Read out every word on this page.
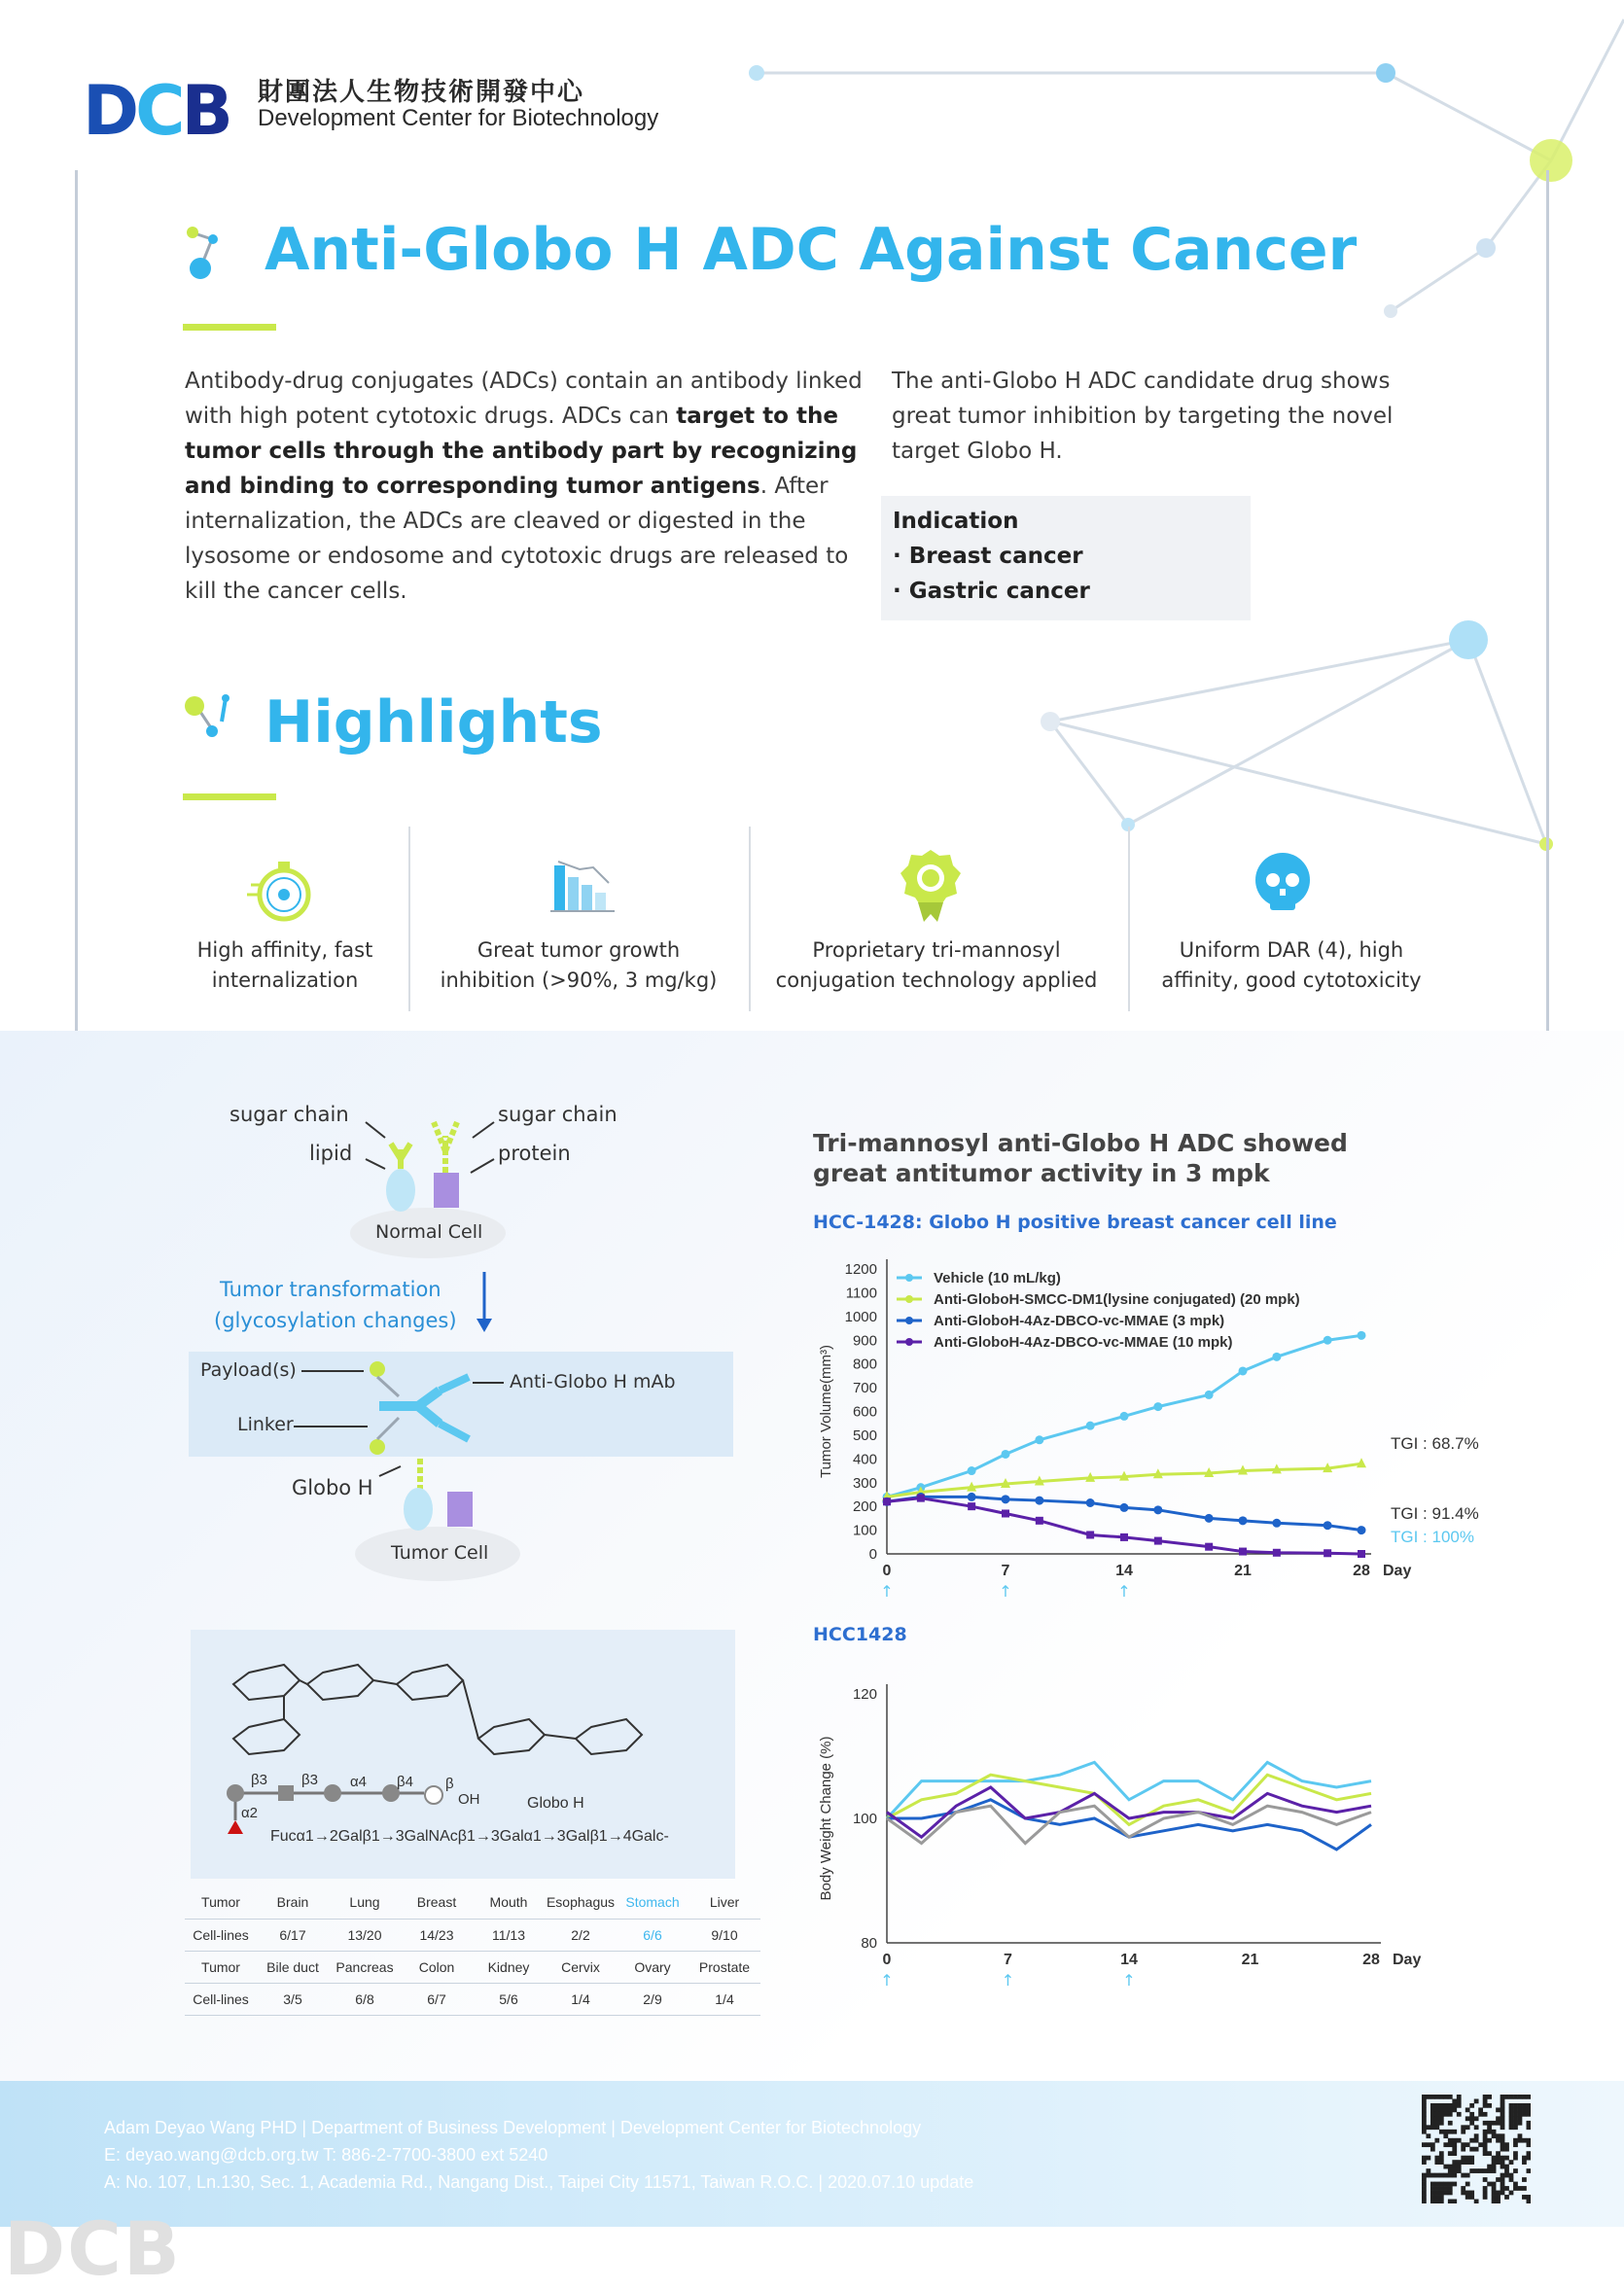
DCB 財團法人生物技術開發中心
Development Center for Biotechnology
Anti-Globo H ADC Against Cancer
Antibody-drug conjugates (ADCs) contain an antibody linked with high potent cytotoxic drugs. ADCs can target to the tumor cells through the antibody part by recognizing and binding to corresponding tumor antigens. After internalization, the ADCs are cleaved or digested in the lysosome or endosome and cytotoxic drugs are released to kill the cancer cells.
The anti-Globo H ADC candidate drug shows great tumor inhibition by targeting the novel target Globo H.
Indication
· Breast cancer
· Gastric cancer
Highlights
High affinity, fast internalization
Great tumor growth inhibition (>90%, 3 mg/kg)
Proprietary tri-mannosyl conjugation technology applied
Uniform DAR (4), high affinity, good cytotoxicity
sugar chain	sugar chain
lipid	protein
Normal Cell
Tumor transformation
(glycosylation changes)
Payload(s)
Anti-Globo H mAb
Linker
Globo H
Tumor Cell
OH
β3 β3 α4 β4 β
α2
Globo H
Fucα1→2Galβ1→3GalNAcβ1→3Galα1→3Galβ1→4Galc-
Tumor	Brain	Lung	Breast	Mouth	Esophagus	Stomach	Liver
Cell-lines	6/17	13/20	14/23	11/13	2/2	6/6	9/10
Tumor	Bile duct	Pancreas	Colon	Kidney	Cervix	Ovary	Prostate
Cell-lines	3/5	6/8	6/7	5/6	1/4	2/9	1/4
Tri-mannosyl anti-Globo H ADC showed great antitumor activity in 3 mpk
HCC-1428: Globo H positive breast cancer cell line
HCC1428
0
100
200
300
400
500
600
700
800
900
1000
1100
1200
0	7	14	21	28 Day
↑	↑	↑
Tumor Volume(mm³)
Vehicle (10 mL/kg)
Anti-GloboH-SMCC-DM1(lysine conjugated) (20 mpk)
Anti-GloboH-4Az-DBCO-vc-MMAE (3 mpk)
Anti-GloboH-4Az-DBCO-vc-MMAE (10 mpk)
TGI : 68.7%
TGI : 91.4%
TGI : 100%
80
100
120
0	7	14	21	28 Day
↑	↑	↑
Body Weight Change (%)
Adam Deyao Wang PHD | Department of Business Development | Development Center for Biotechnology
E: deyao.wang@dcb.org.tw T: 886-2-7700-3800 ext 5240
A: No. 107, Ln.130, Sec. 1, Academia Rd., Nangang Dist., Taipei City 11571, Taiwan R.O.C. | 2020.07.10 update
DCB
